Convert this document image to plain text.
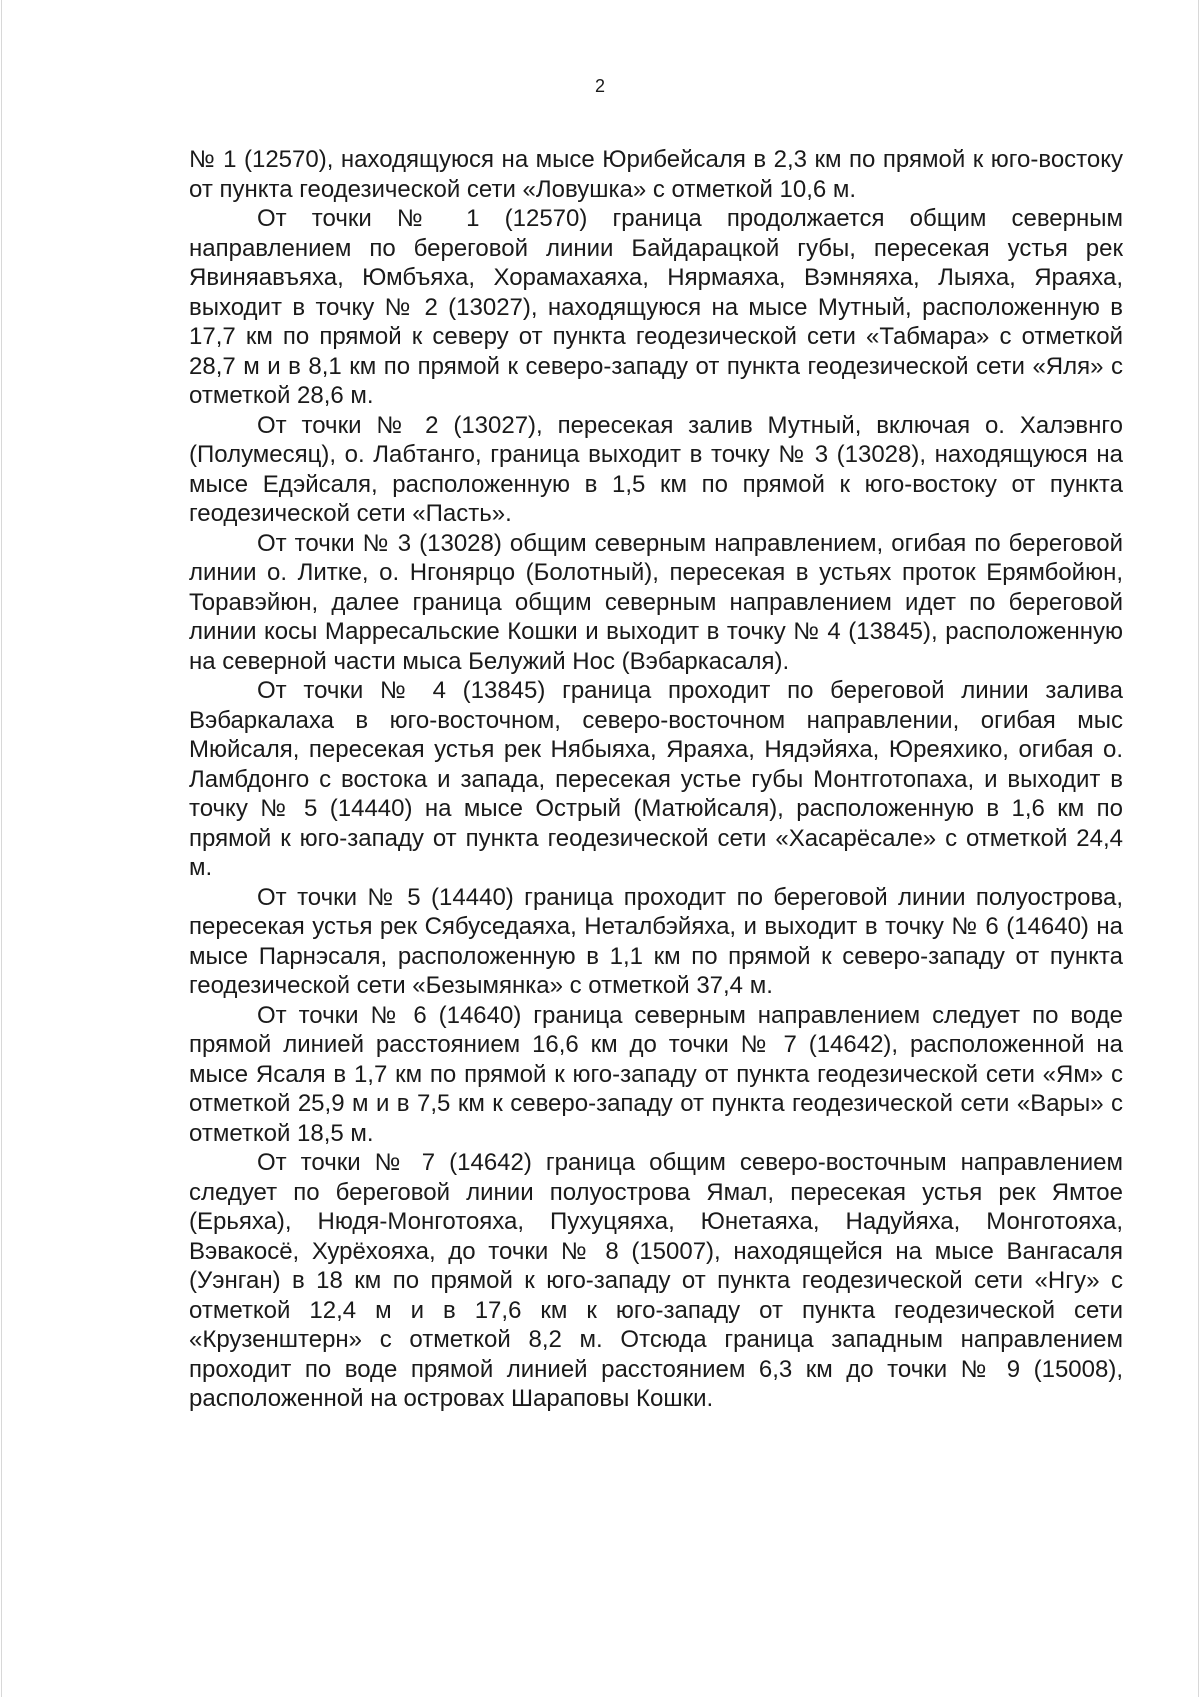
2

№ 1 (12570), находящуюся на мысе Юрибейсаля в 2,3 км по прямой к юго-востоку от пункта геодезической сети «Ловушка» с отметкой 10,6 м.

От точки № 1 (12570) граница продолжается общим северным направлением по береговой линии Байдарацкой губы, пересекая устья рек Явиняавъяха, Юмбъяха, Хорамахаяха, Нярмаяха, Вэмняяха, Лыяха, Яраяха, выходит в точку № 2 (13027), находящуюся на мысе Мутный, расположенную в 17,7 км по прямой к северу от пункта геодезической сети «Табмара» с отметкой 28,7 м и в 8,1 км по прямой к северо-западу от пункта геодезической сети «Яля» с отметкой 28,6 м.

От точки № 2 (13027), пересекая залив Мутный, включая о. Халэвнго (Полумесяц), о. Лабтанго, граница выходит в точку № 3 (13028), находящуюся на мысе Едэйсаля, расположенную в 1,5 км по прямой к юго-востоку от пункта геодезической сети «Пасть».

От точки № 3 (13028) общим северным направлением, огибая по береговой линии о. Литке, о. Нгонярцо (Болотный), пересекая в устьях проток Ерямбойюн, Торавэйюн, далее граница общим северным направлением идет по береговой линии косы Марресальские Кошки и выходит в точку № 4 (13845), расположенную на северной части мыса Белужий Нос (Вэбаркасаля).

От точки № 4 (13845) граница проходит по береговой линии залива Вэбаркалаха в юго-восточном, северо-восточном направлении, огибая мыс Мюйсаля, пересекая устья рек Нябыяха, Яраяха, Нядэйяха, Юреяхико, огибая о. Ламбдонго с востока и запада, пересекая устье губы Монтготопаха, и выходит в точку № 5 (14440) на мысе Острый (Матюйсаля), расположенную в 1,6 км по прямой к юго-западу от пункта геодезической сети «Хасарёсале» с отметкой 24,4 м.

От точки № 5 (14440) граница проходит по береговой линии полуострова, пересекая устья рек Сябуседаяха, Неталбэйяха, и выходит в точку № 6 (14640) на мысе Парнэсаля, расположенную в 1,1 км по прямой к северо-западу от пункта геодезической сети «Безымянка» с отметкой 37,4 м.

От точки № 6 (14640) граница северным направлением следует по воде прямой линией расстоянием 16,6 км до точки № 7 (14642), расположенной на мысе Ясаля в 1,7 км по прямой к юго-западу от пункта геодезической сети «Ям» с отметкой 25,9 м и в 7,5 км к северо-западу от пункта геодезической сети «Вары» с отметкой 18,5 м.

От точки № 7 (14642) граница общим северо-восточным направлением следует по береговой линии полуострова Ямал, пересекая устья рек Ямтое (Ерьяха), Нюдя-Монготояха, Пухуцяяха, Юнетаяха, Надуйяха, Монготояха, Вэвакосё, Хурёхояха, до точки № 8 (15007), находящейся на мысе Вангасаля (Уэнган) в 18 км по прямой к юго-западу от пункта геодезической сети «Нгу» с отметкой 12,4 м и в 17,6 км к юго-западу от пункта геодезической сети «Крузенштерн» с отметкой 8,2 м. Отсюда граница западным направлением проходит по воде прямой линией расстоянием 6,3 км до точки № 9 (15008), расположенной на островах Шараповы Кошки.
